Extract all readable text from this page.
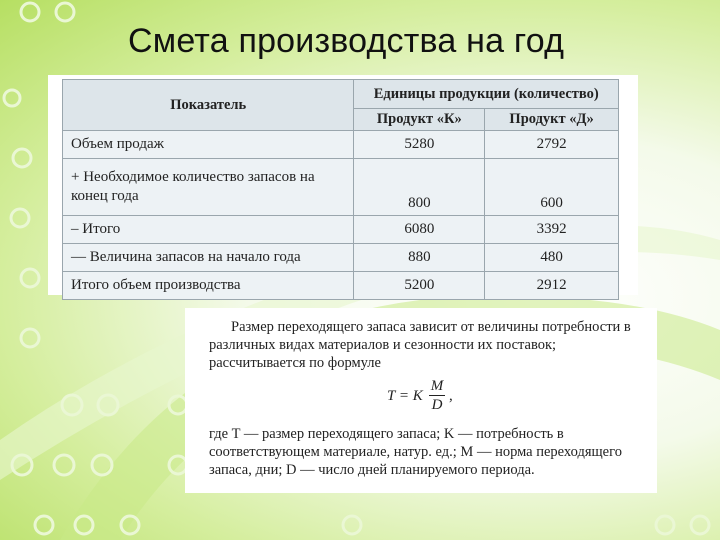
Смета производства на год
Показатель	Единицы продукции (количество)	
	Продукт «К»	Продукт «Д»
Объем продаж	5280	2792
+ Необходимое количество запасов на конец года	800	600
– Итого	6080	3392
— Величина запасов на начало года	880	480
Итого объем производства	5200	2912

Размер переходящего запаса зависит от величины потребности в различных видах материалов и сезонности их поставок; рассчитывается по формуле

T = K
M
D
,

где T — размер переходящего запаса; K — потребность в соответствующем материале, натур. ед.; M — норма переходящего запаса, дни; D — число дней планируемого периода.
